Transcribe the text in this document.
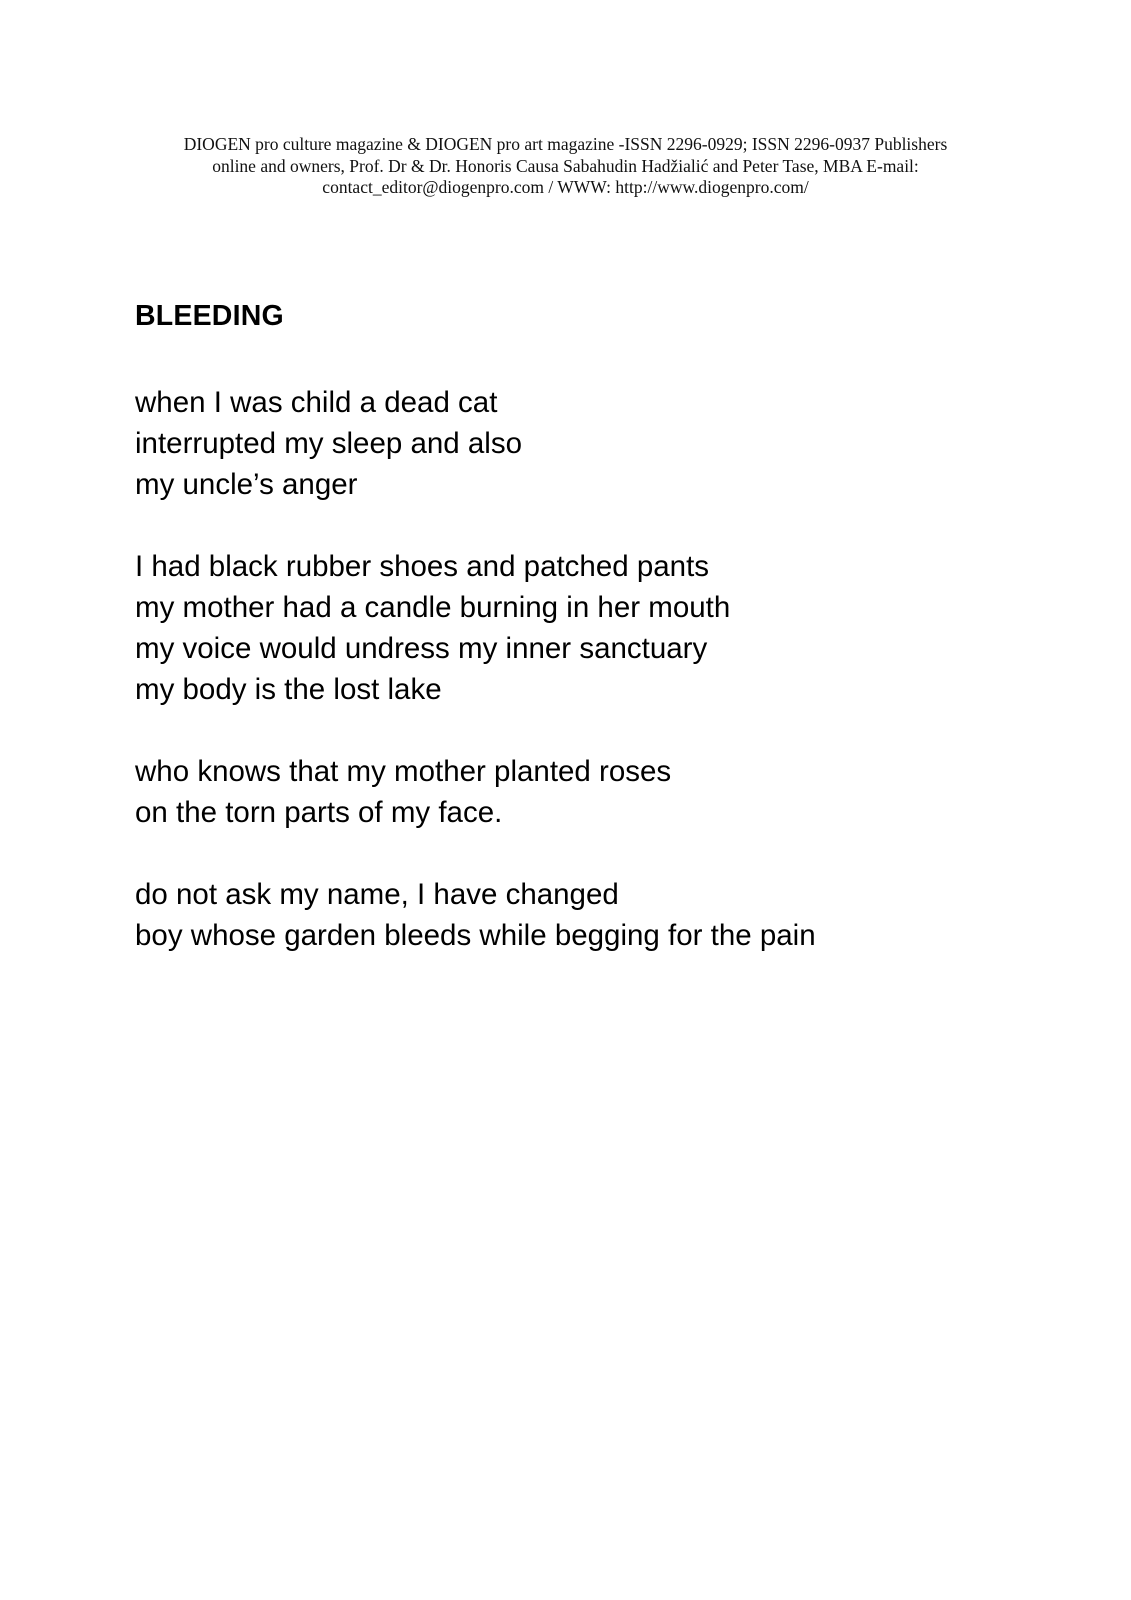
DIOGEN pro culture magazine & DIOGEN pro art magazine -ISSN 2296-0929; ISSN 2296-0937 Publishers
online and owners, Prof. Dr & Dr. Honoris Causa Sabahudin Hadžialić and Peter Tase, MBA E-mail:
contact_editor@diogenpro.com / WWW: http://www.diogenpro.com/
BLEEDING
when I was child a dead cat
interrupted my sleep and also
my uncle’s anger
I had black rubber shoes and patched pants
my mother had a candle burning in her mouth
my voice would undress my inner sanctuary
my body is the lost lake
who knows that my mother planted roses
on the torn parts of my face.
do not ask my name, I have changed
boy whose garden bleeds while begging for the pain
